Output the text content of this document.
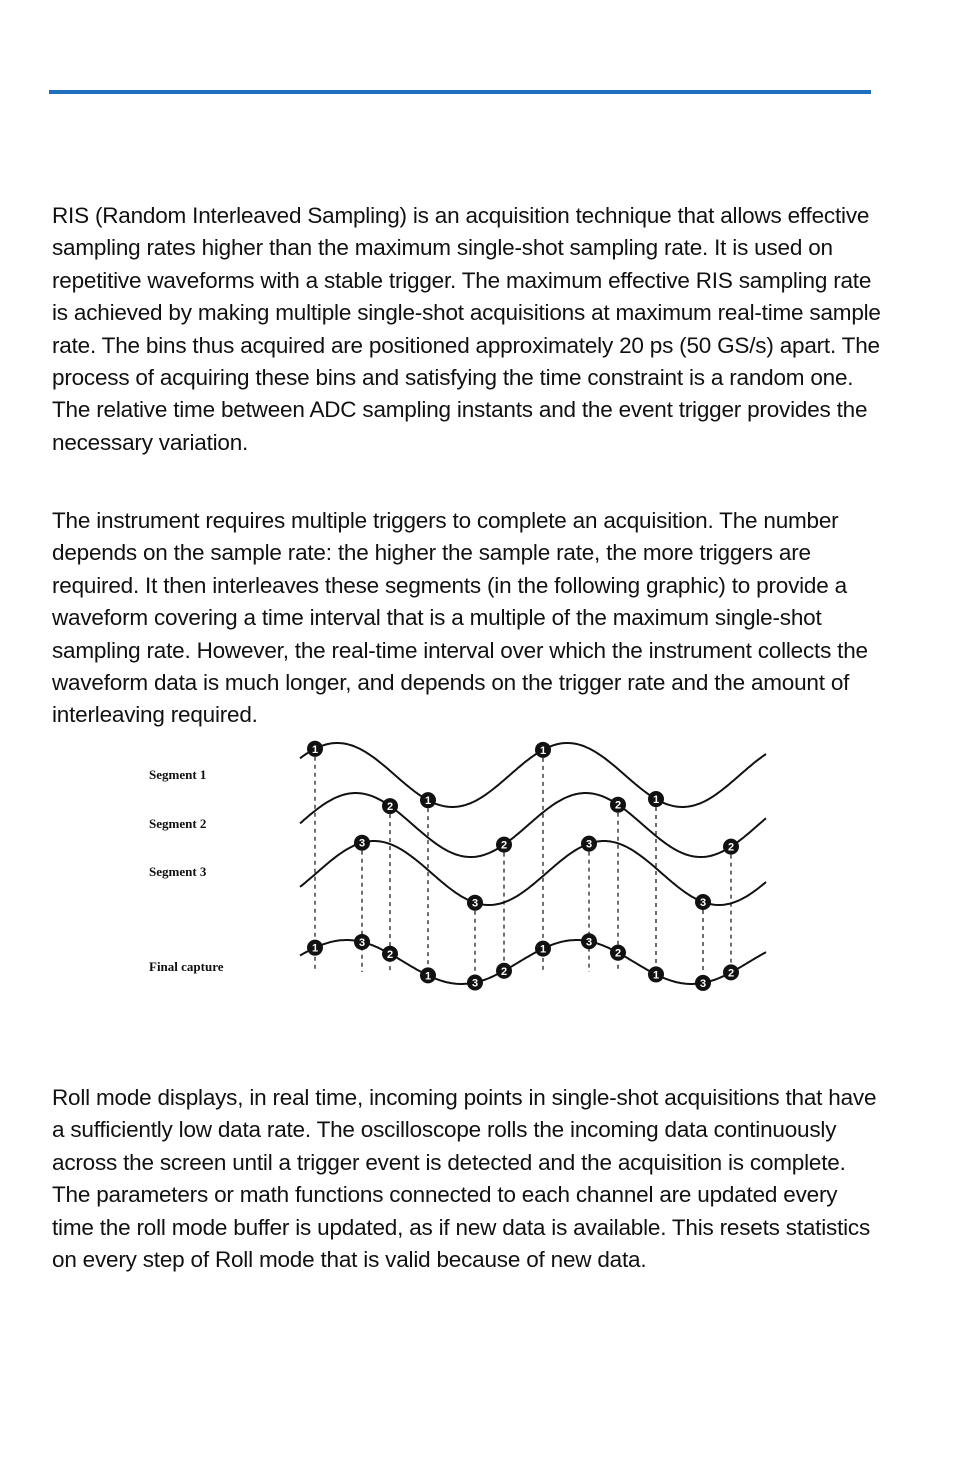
RIS (Random Interleaved Sampling) is an acquisition technique that allows effective sampling rates higher than the maximum single-shot sampling rate. It is used on repetitive waveforms with a stable trigger. The maximum effective RIS sampling rate is achieved by making multiple single-shot acquisitions at maximum real-time sample rate. The bins thus acquired are positioned approximately 20 ps (50 GS/s) apart. The process of acquiring these bins and satisfying the time constraint is a random one. The relative time between ADC sampling instants and the event trigger provides the necessary variation.

The instrument requires multiple triggers to complete an acquisition. The number depends on the sample rate: the higher the sample rate, the more triggers are required. It then interleaves these segments (in the following graphic) to provide a waveform covering a time interval that is a multiple of the maximum single-shot sampling rate. However, the real-time interval over which the instrument collects the waveform data is much longer, and depends on the trigger rate and the amount of interleaving required.

Segment 1
Segment 2
Segment 3
Final capture
1
1
1
1
1
1
1
1
2
2
2
2
2
2
2
2
3
3
3
3
3
3
3
3

Roll mode displays, in real time, incoming points in single-shot acquisitions that have a sufficiently low data rate. The oscilloscope rolls the incoming data continuously across the screen until a trigger event is detected and the acquisition is complete. The parameters or math functions connected to each channel are updated every time the roll mode buffer is updated, as if new data is available. This resets statistics on every step of Roll mode that is valid because of new data.
